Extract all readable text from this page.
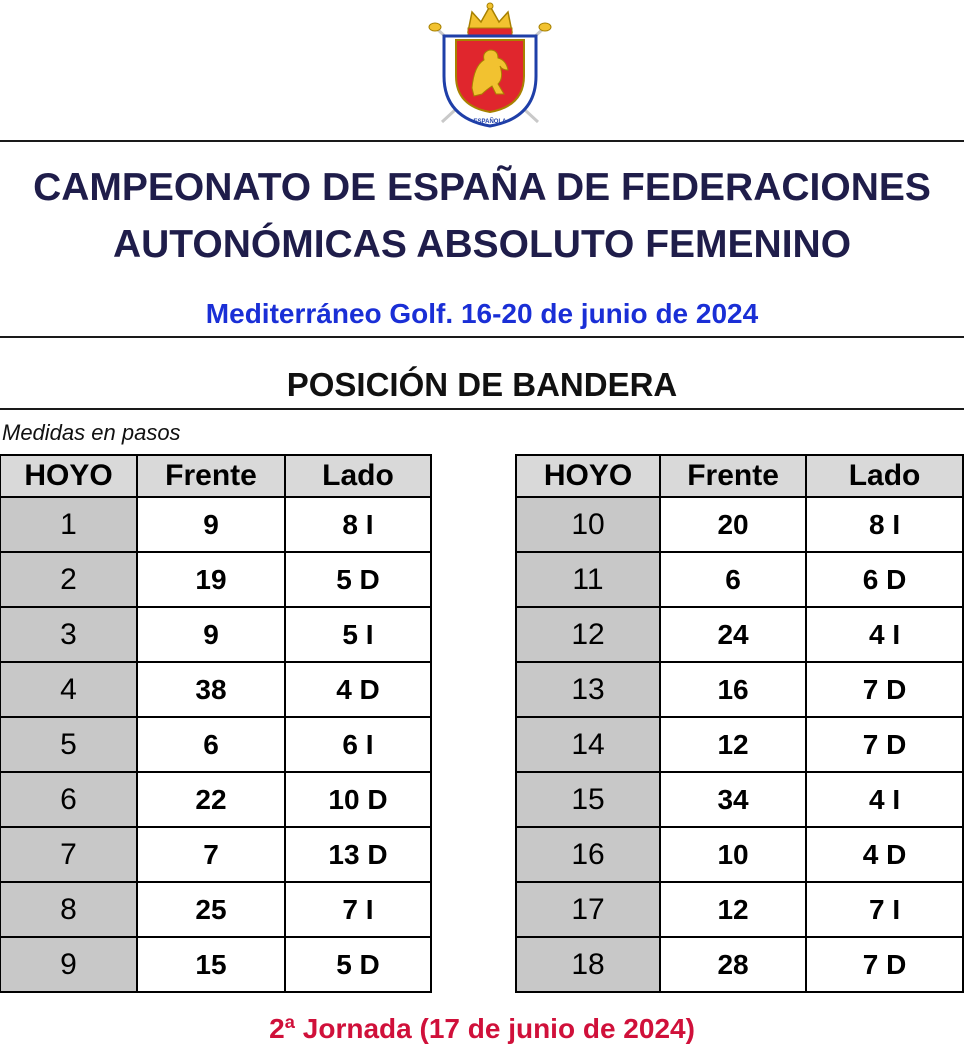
ESPAÑOLA
CAMPEONATO DE ESPAÑA DE FEDERACIONES
AUTONÓMICAS ABSOLUTO FEMENINO
Mediterráneo Golf. 16-20 de junio de 2024
POSICIÓN DE BANDERA
Medidas en pasos
HOYO	Frente	Lado
1	9	8 I
2	19	5 D
3	9	5 I
4	38	4 D
5	6	6 I
6	22	10 D
7	7	13 D
8	25	7 I
9	15	5 D
HOYO	Frente	Lado
10	20	8 I
11	6	6 D
12	24	4 I
13	16	7 D
14	12	7 D
15	34	4 I
16	10	4 D
17	12	7 I
18	28	7 D
2ª Jornada (17 de junio de 2024)
